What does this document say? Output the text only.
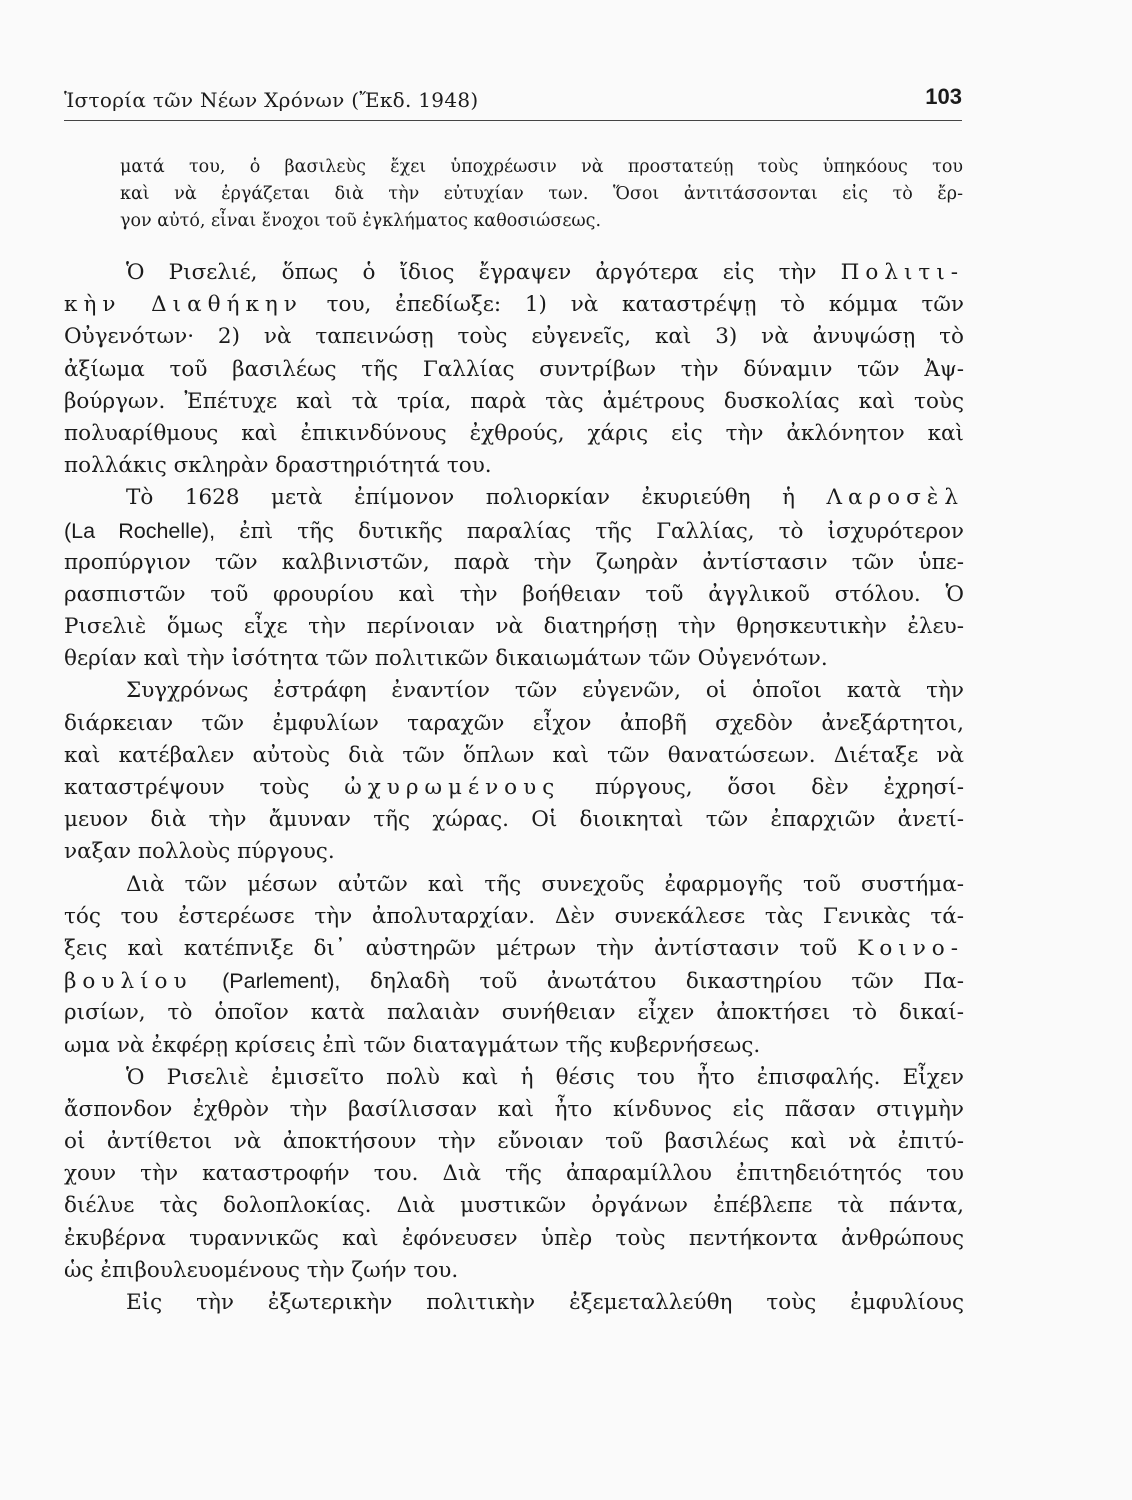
Ἱστορία τῶν Νέων Χρόνων (Ἔκδ. 1948)	103
ματά του, ὁ βασιλεὺς ἔχει ὑποχρέωσιν νὰ προστατεύῃ τοὺς ὑπηκόους του
καὶ νὰ ἐργάζεται διὰ τὴν εὐτυχίαν των. Ὅσοι ἀντιτάσσονται εἰς τὸ ἔρ-
γον αὐτό, εἶναι ἔνοχοι τοῦ ἐγκλήματος καθοσιώσεως.
Ὁ Ρισελιέ, ὅπως ὁ ἴδιος ἔγραψεν ἀργότερα εἰς τὴν Πολιτι-
κὴν Διαθήκην του, ἐπεδίωξε: 1) νὰ καταστρέψῃ τὸ κόμμα τῶν
Οὐγενότων· 2) νὰ ταπεινώσῃ τοὺς εὐγενεῖς, καὶ 3) νὰ ἀνυψώσῃ τὸ
ἀξίωμα τοῦ βασιλέως τῆς Γαλλίας συντρίβων τὴν δύναμιν τῶν Ἀψ-
βούργων. Ἐπέτυχε καὶ τὰ τρία, παρὰ τὰς ἀμέτρους δυσκολίας καὶ τοὺς
πολυαρίθμους καὶ ἐπικινδύνους ἐχθρούς, χάρις εἰς τὴν ἀκλόνητον καὶ
πολλάκις σκληρὰν δραστηριότητά του.
Τὸ 1628 μετὰ ἐπίμονον πολιορκίαν ἐκυριεύθη ἡ Λαροσὲλ
(La Rochelle), ἐπὶ τῆς δυτικῆς παραλίας τῆς Γαλλίας, τὸ ἰσχυρότερον
προπύργιον τῶν καλβινιστῶν, παρὰ τὴν ζωηρὰν ἀντίστασιν τῶν ὑπε-
ρασπιστῶν τοῦ φρουρίου καὶ τὴν βοήθειαν τοῦ ἀγγλικοῦ στόλου. Ὁ
Ρισελιὲ ὅμως εἶχε τὴν περίνοιαν νὰ διατηρήσῃ τὴν θρησκευτικὴν ἐλευ-
θερίαν καὶ τὴν ἰσότητα τῶν πολιτικῶν δικαιωμάτων τῶν Οὐγενότων.
Συγχρόνως ἐστράφη ἐναντίον τῶν εὐγενῶν, οἱ ὁποῖοι κατὰ τὴν
διάρκειαν τῶν ἐμφυλίων ταραχῶν εἶχον ἀποβῆ σχεδὸν ἀνεξάρτητοι,
καὶ κατέβαλεν αὐτοὺς διὰ τῶν ὅπλων καὶ τῶν θανατώσεων. Διέταξε νὰ
καταστρέψουν τοὺς ὠχυρωμένους πύργους, ὅσοι δὲν ἐχρησί-
μευον διὰ τὴν ἄμυναν τῆς χώρας. Οἱ διοικηταὶ τῶν ἐπαρχιῶν ἀνετί-
ναξαν πολλοὺς πύργους.
Διὰ τῶν μέσων αὐτῶν καὶ τῆς συνεχοῦς ἐφαρμογῆς τοῦ συστήμα-
τός του ἐστερέωσε τὴν ἀπολυταρχίαν. Δὲν συνεκάλεσε τὰς Γενικὰς τά-
ξεις καὶ κατέπνιξε δι᾿ αὐστηρῶν μέτρων τὴν ἀντίστασιν τοῦ Κοινο-
βουλίου (Parlement), δηλαδὴ τοῦ ἀνωτάτου δικαστηρίου τῶν Πα-
ρισίων, τὸ ὁποῖον κατὰ παλαιὰν συνήθειαν εἶχεν ἀποκτήσει τὸ δικαί-
ωμα νὰ ἐκφέρῃ κρίσεις ἐπὶ τῶν διαταγμάτων τῆς κυβερνήσεως.
Ὁ Ρισελιὲ ἐμισεῖτο πολὺ καὶ ἡ θέσις του ἦτο ἐπισφαλής. Εἶχεν
ἄσπονδον ἐχθρὸν τὴν βασίλισσαν καὶ ἦτο κίνδυνος εἰς πᾶσαν στιγμὴν
οἱ ἀντίθετοι νὰ ἀποκτήσουν τὴν εὔνοιαν τοῦ βασιλέως καὶ νὰ ἐπιτύ-
χουν τὴν καταστροφήν του. Διὰ τῆς ἀπαραμίλλου ἐπιτηδειότητός του
διέλυε τὰς δολοπλοκίας. Διὰ μυστικῶν ὀργάνων ἐπέβλεπε τὰ πάντα,
ἐκυβέρνα τυραννικῶς καὶ ἐφόνευσεν ὑπὲρ τοὺς πεντήκοντα ἀνθρώπους
ὡς ἐπιβουλευομένους τὴν ζωήν του.
Εἰς τὴν ἐξωτερικὴν πολιτικὴν ἐξεμεταλλεύθη τοὺς ἐμφυλίους
